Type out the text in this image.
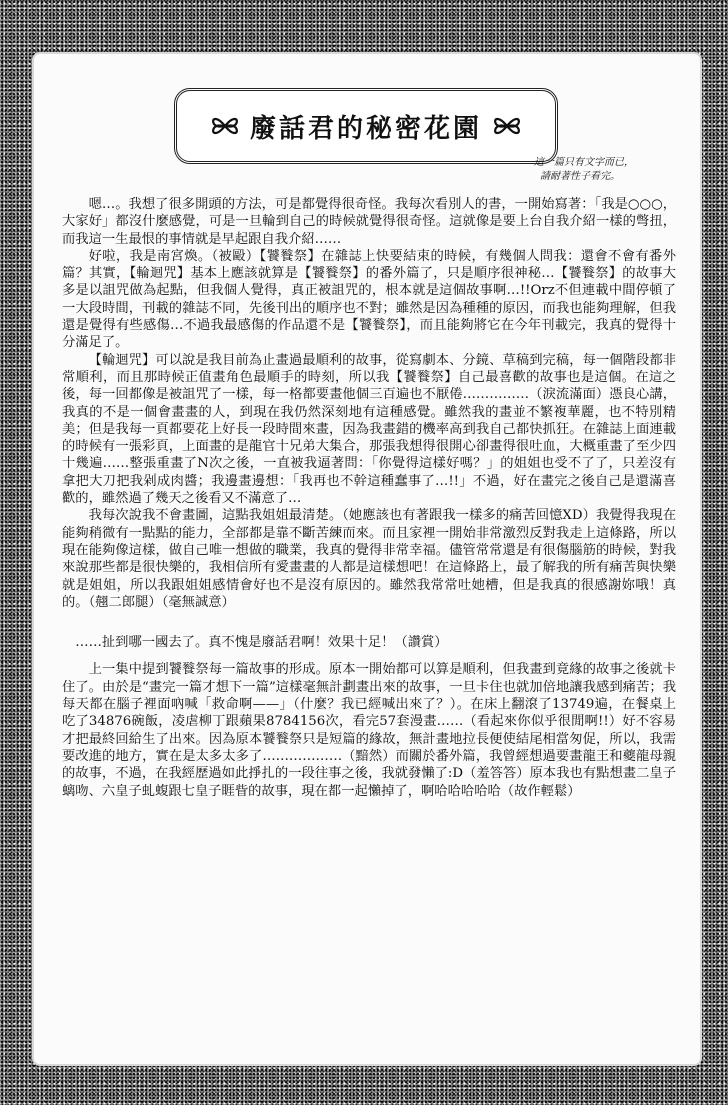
廢話君的秘密花園
這一篇只有文字而已，
請耐著性子看完。

嗯…。我想了很多開頭的方法，可是都覺得很奇怪。我每次看別人的書，一開始寫著：「我是○○○，大家好」都沒什麼感覺，可是一旦輪到自己的時候就覺得很奇怪。這就像是要上台自我介紹一樣的彆扭，而我這一生最恨的事情就是早起跟自我介紹……

好啦，我是南宮煥。（被毆）【饕餮祭】在雜誌上快要結束的時候，有幾個人問我：還會不會有番外篇？其實，【輪迴咒】基本上應該就算是【饕餮祭】的番外篇了，只是順序很神秘…【饕餮祭】的故事大多是以詛咒做為起點，但我個人覺得，真正被詛咒的，根本就是這個故事啊…!!Orz不但連載中間停頓了一大段時間，刊載的雜誌不同，先後刊出的順序也不對；雖然是因為種種的原因，而我也能夠理解，但我還是覺得有些感傷…不過我最感傷的作品還不是【饕餮祭】，而且能夠將它在今年刊載完，我真的覺得十分滿足了。

【輪迴咒】可以說是我目前為止畫過最順利的故事，從寫劇本、分鏡、草稿到完稿，每一個階段都非常順利，而且那時候正值畫角色最順手的時刻，所以我【饕餮祭】自己最喜歡的故事也是這個。在這之後，每一回都像是被詛咒了一樣，每一格都要畫他個三百遍也不厭倦……………（淚流滿面）憑良心講，我真的不是一個會畫畫的人，到現在我仍然深刻地有這種感覺。雖然我的畫並不繁複華麗，也不特別精美；但是我每一頁都要花上好長一段時間來畫，因為我畫錯的機率高到我自己都快抓狂。在雜誌上面連載的時候有一張彩頁，上面畫的是龍官十兄弟大集合，那張我想得很開心卻畫得很吐血，大概重畫了至少四十幾遍……整張重畫了N次之後，一直被我逼著問：「你覺得這樣好嗎？」的姐姐也受不了了，只差沒有拿把大刀把我剁成肉醬；我邊畫邊想：「我再也不幹這種蠢事了…!!」不過，好在畫完之後自己是還滿喜歡的，雖然過了幾天之後看又不滿意了…

我每次說我不會畫圖，這點我姐姐最清楚。（她應該也有著跟我一樣多的痛苦回憶XD）我覺得我現在能夠稍微有一點點的能力，全部都是靠不斷苦練而來。而且家裡一開始非常激烈反對我走上這條路，所以現在能夠像這樣，做自己唯一想做的職業，我真的覺得非常幸福。儘管常常還是有很傷腦筋的時候，對我來說那些都是很快樂的，我相信所有愛畫畫的人都是這樣想吧！在這條路上，最了解我的所有痛苦與快樂就是姐姐，所以我跟姐姐感情會好也不是沒有原因的。雖然我常常吐她槽，但是我真的很感謝妳哦！真的。（翹二郎腿）（毫無誠意）

……扯到哪一國去了。真不愧是廢話君啊！效果十足！（讚賞）

上一集中提到饕餮祭每一篇故事的形成。原本一開始都可以算是順利，但我畫到竟緣的故事之後就卡住了。由於是“畫完一篇才想下一篇”這樣毫無計劃畫出來的故事，一旦卡住也就加倍地讓我感到痛苦；我每天都在腦子裡面吶喊「救命啊——」（什麼？我已經喊出來了？）。在床上翻滾了13749遍，在餐桌上吃了34876碗飯，凌虐柳丁跟蘋果8784156次，看完57套漫畫……（看起來你似乎很閒啊!!）好不容易才把最終回給生了出來。因為原本饕餮祭只是短篇的緣故，無計畫地拉長便使結尾相當匆促，所以，我需要改進的地方，實在是太多太多了………………（黯然）而關於番外篇，我曾經想過要畫龍王和夔龍母親的故事，不過，在我經歷過如此掙扎的一段往事之後，我就發懶了:D（羞答答）原本我也有點想畫二皇子螭吻、六皇子虬蝮跟七皇子睚眥的故事，現在都一起懶掉了，啊哈哈哈哈哈（故作輕鬆）
